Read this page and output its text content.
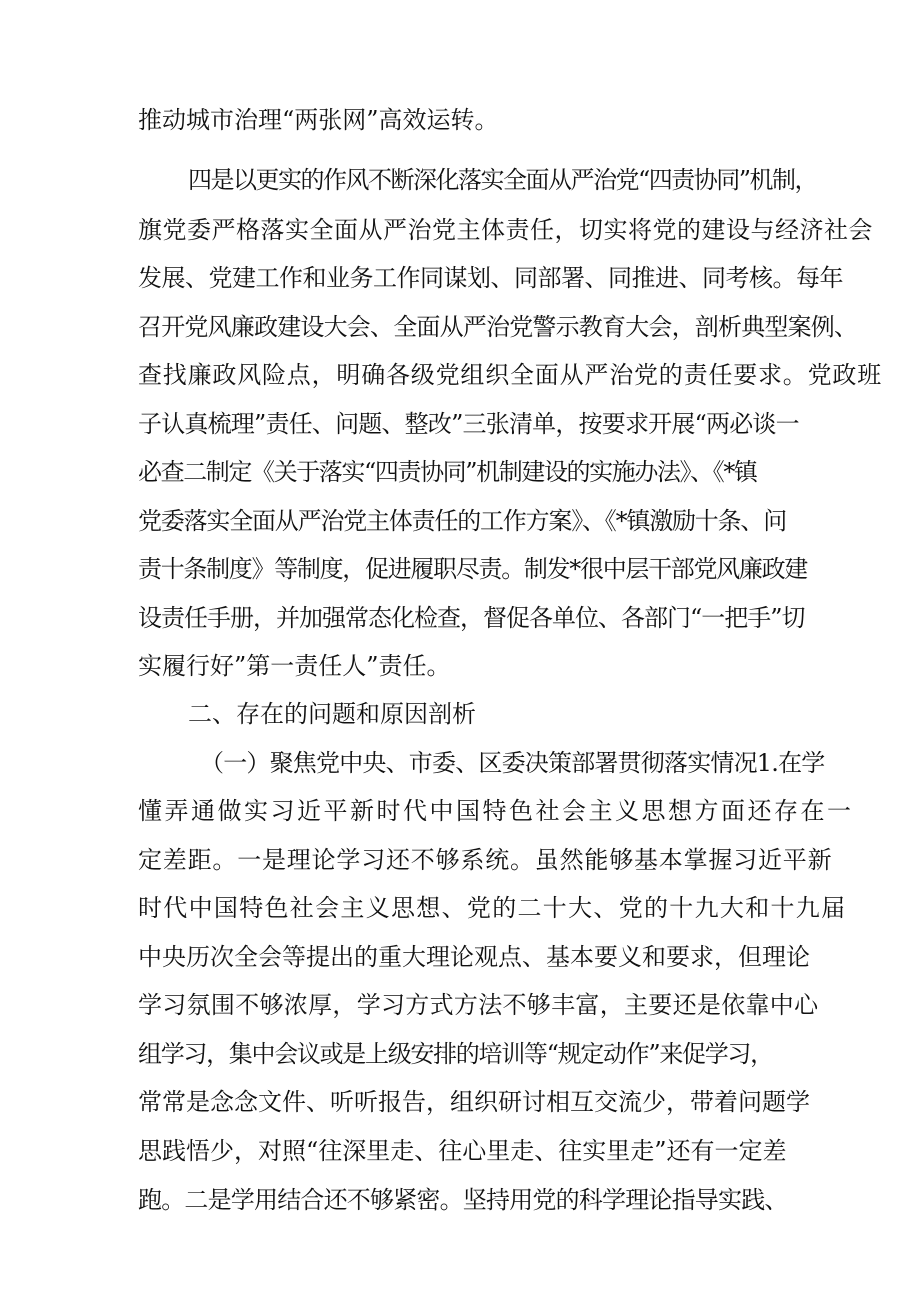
推动城市治理“两张网”高效运转。
四是以更实的作风不断深化落实全面从严治党“四责协同”机制，
旗党委严格落实全面从严治党主体责任，切实将党的建设与经济社会
发展、党建工作和业务工作同谋划、同部署、同推进、同考核。每年
召开党风廉政建设大会、全面从严治党警示教育大会，剖析典型案例、
查找廉政风险点，明确各级党组织全面从严治党的责任要求。党政班
子认真梳理”责任、问题、整改”三张清单，按要求开展“两必谈一
必查二制定《关于落实“四责协同”机制建设的实施办法》、《*镇
党委落实全面从严治党主体责任的工作方案》、《*镇激励十条、问
责十条制度》等制度，促进履职尽责。制发*很中层干部党风廉政建
设责任手册，并加强常态化检查，督促各单位、各部门“一把手”切
实履行好”第一责任人”责任。
二、存在的问题和原因剖析
（一）聚焦党中央、市委、区委决策部署贯彻落实情况1.在学
懂弄通做实习近平新时代中国特色社会主义思想方面还存在一
定差距。一是理论学习还不够系统。虽然能够基本掌握习近平新
时代中国特色社会主义思想、党的二十大、党的十九大和十九届
中央历次全会等提出的重大理论观点、基本要义和要求，但理论
学习氛围不够浓厚，学习方式方法不够丰富，主要还是依靠中心
组学习，集中会议或是上级安排的培训等“规定动作”来促学习，
常常是念念文件、听听报告，组织研讨相互交流少，带着问题学
思践悟少，对照“往深里走、往心里走、往实里走”还有一定差
跑。二是学用结合还不够紧密。坚持用党的科学理论指导实践、
